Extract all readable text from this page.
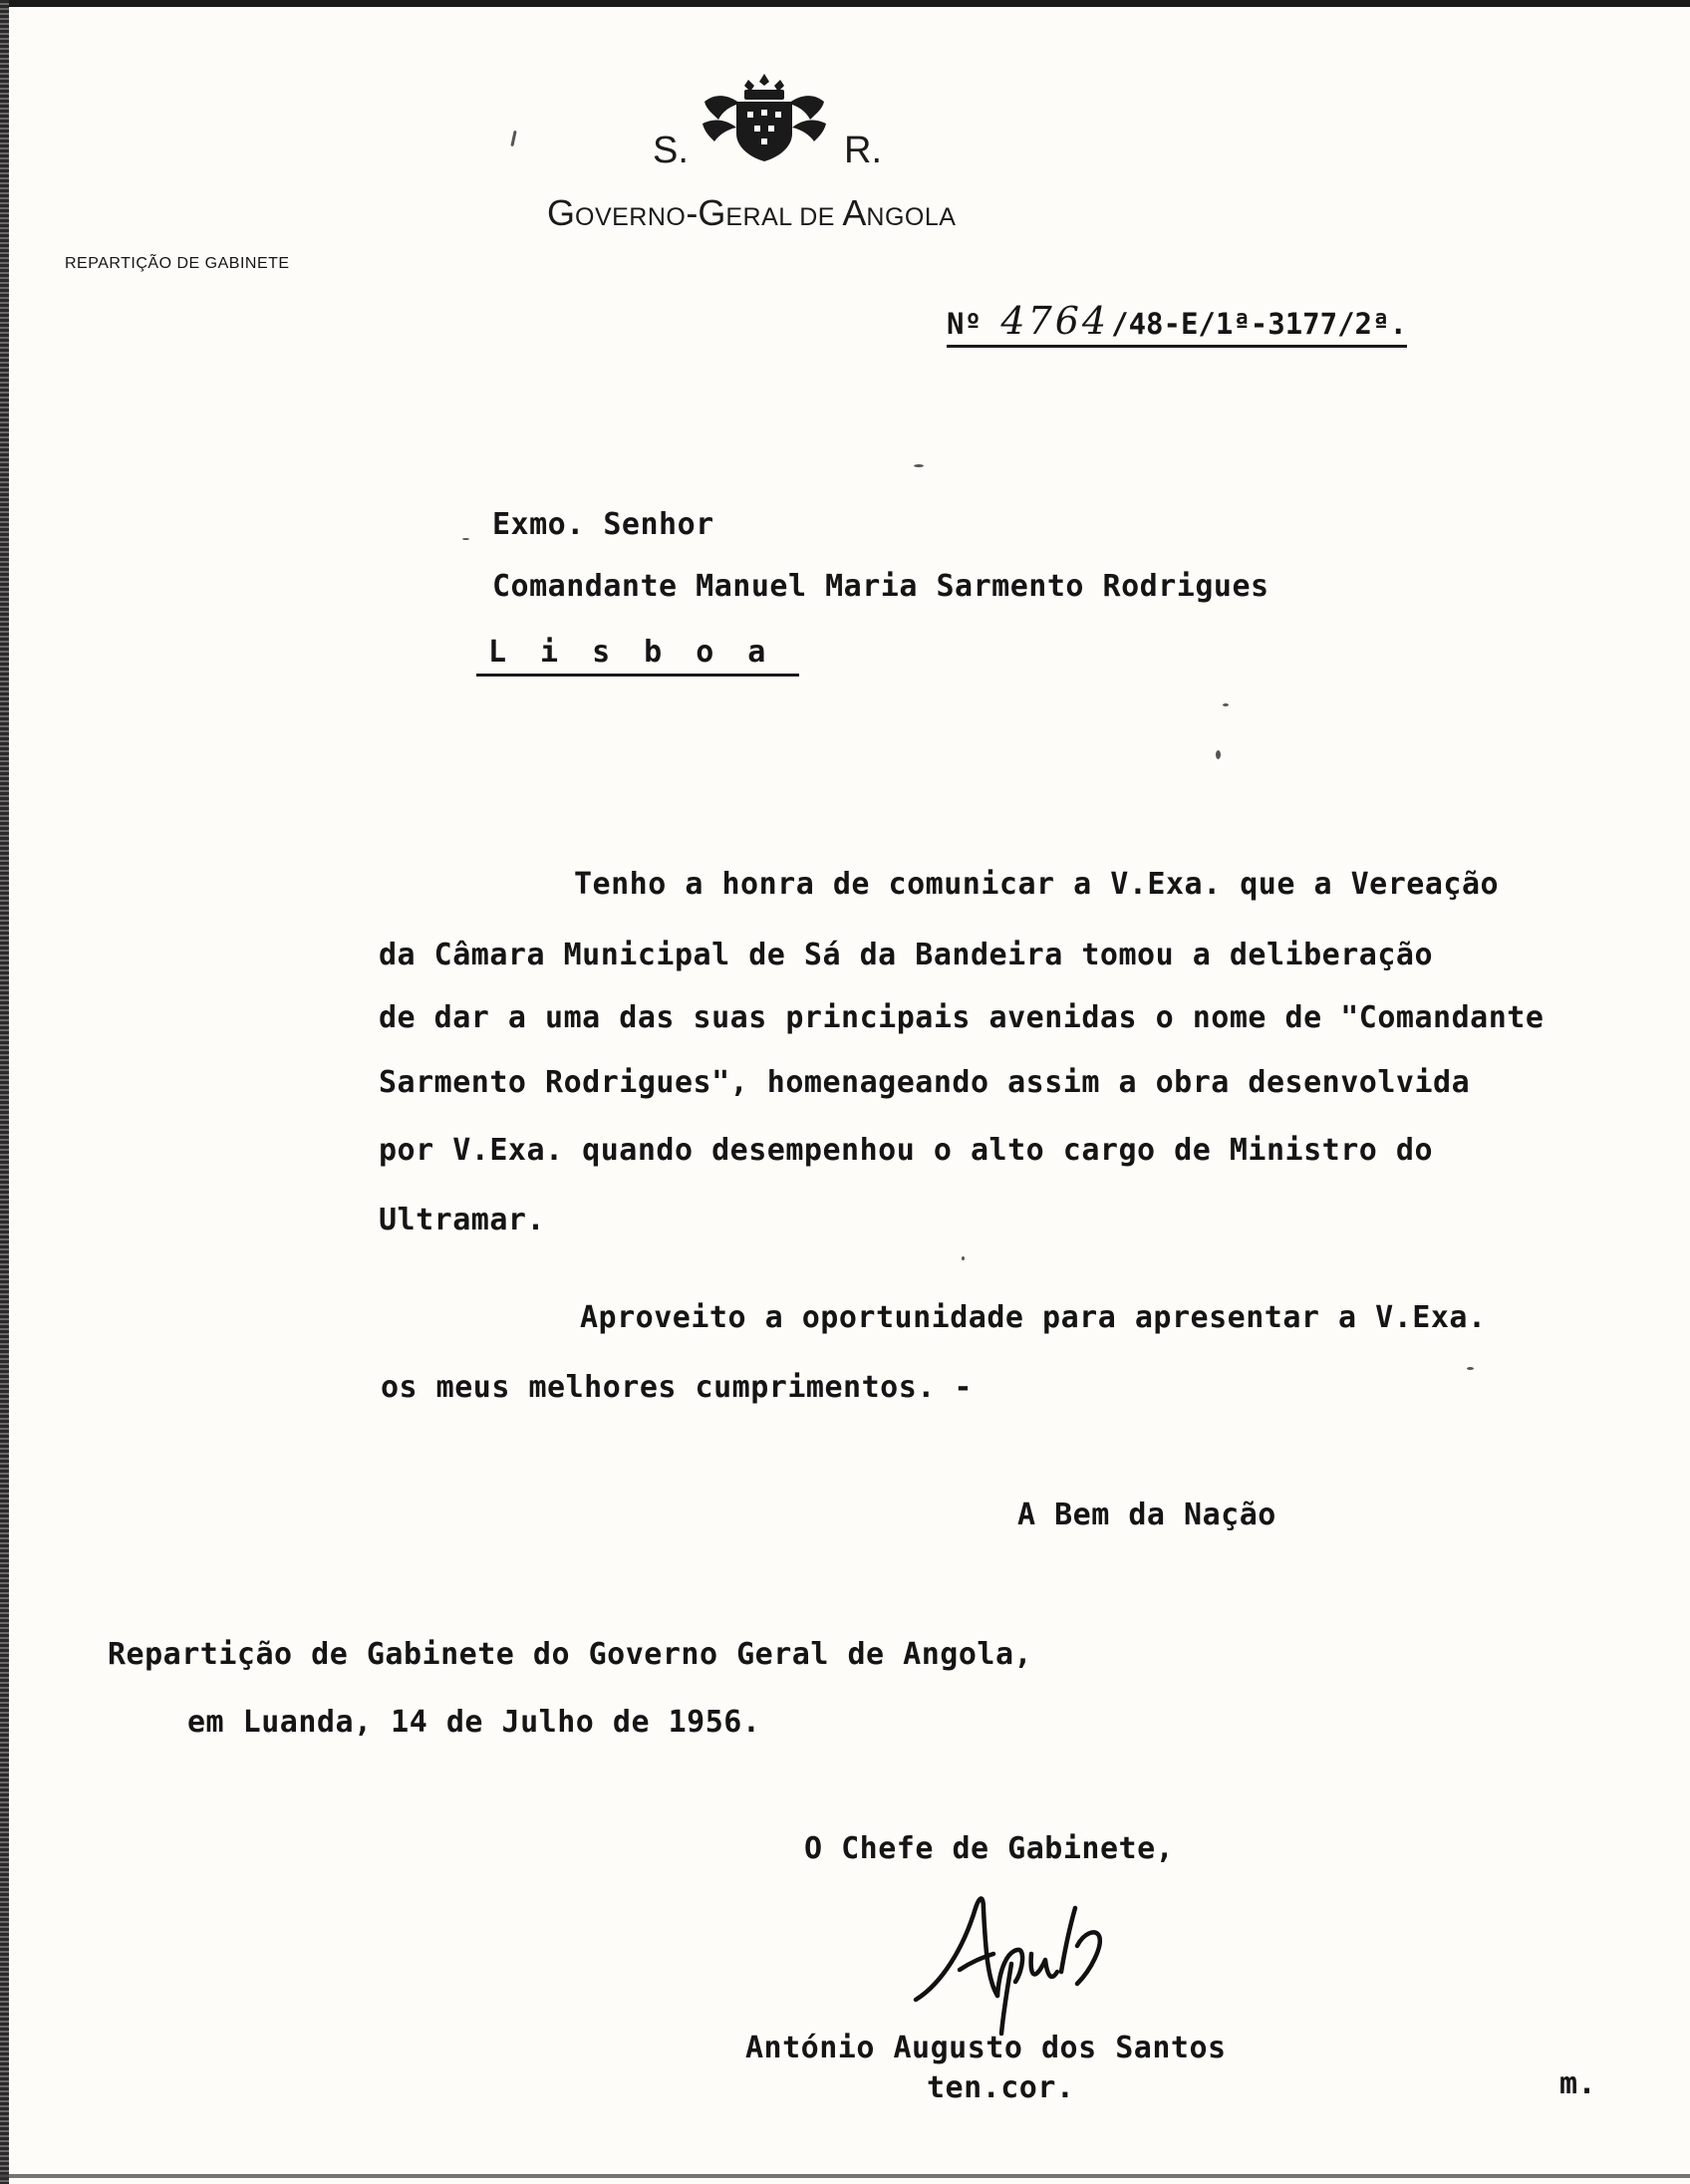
S.	R.
GOVERNO-GERAL DE ANGOLA
REPARTIÇÃO DE GABINETE
Nº 4764/48-E/1ª-3177/2ª.
Exmo. Senhor
Comandante Manuel Maria Sarmento Rodrigues
Lisboa
Tenho a honra de comunicar a V.Exa. que a Vereação
da Câmara Municipal de Sá da Bandeira tomou a deliberação
de dar a uma das suas principais avenidas o nome de "Comandante
Sarmento Rodrigues", homenageando assim a obra desenvolvida
por V.Exa. quando desempenhou o alto cargo de Ministro do
Ultramar.
Aproveito a oportunidade para apresentar a V.Exa.
os meus melhores cumprimentos. -
A Bem da Nação
Repartição de Gabinete do Governo Geral de Angola,
em Luanda, 14 de Julho de 1956.
O Chefe de Gabinete,
António Augusto dos Santos
ten.cor.	m.
